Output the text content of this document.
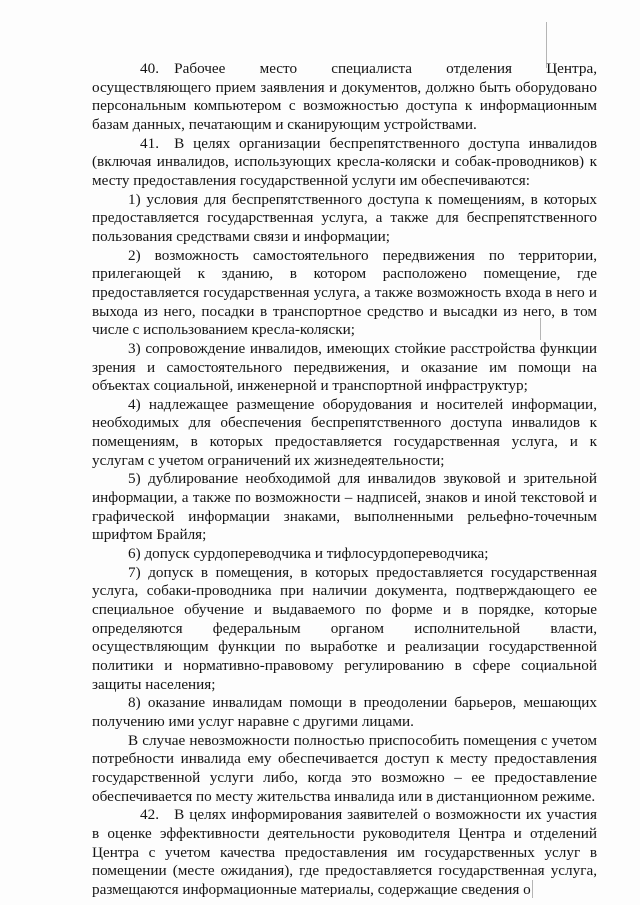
40. Рабочее место специалиста отделения Центра, осуществляющего прием заявления и документов, должно быть оборудовано персональным компьютером с возможностью доступа к информационным базам данных, печатающим и сканирующим устройствами.

41. В целях организации беспрепятственного доступа инвалидов (включая инвалидов, использующих кресла-коляски и собак-проводников) к месту предоставления государственной услуги им обеспечиваются:

1) условия для беспрепятственного доступа к помещениям, в которых предоставляется государственная услуга, а также для беспрепятственного пользования средствами связи и информации;

2) возможность самостоятельного передвижения по территории, прилегающей к зданию, в котором расположено помещение, где предоставляется государственная услуга, а также возможность входа в него и выхода из него, посадки в транспортное средство и высадки из него, в том числе с использованием кресла-коляски;

3) сопровождение инвалидов, имеющих стойкие расстройства функции зрения и самостоятельного передвижения, и оказание им помощи на объектах социальной, инженерной и транспортной инфраструктур;

4) надлежащее размещение оборудования и носителей информации, необходимых для обеспечения беспрепятственного доступа инвалидов к помещениям, в которых предоставляется государственная услуга, и к услугам с учетом ограничений их жизнедеятельности;

5) дублирование необходимой для инвалидов звуковой и зрительной информации, а также по возможности – надписей, знаков и иной текстовой и графической информации знаками, выполненными рельефно-точечным шрифтом Брайля;

6) допуск сурдопереводчика и тифлосурдопереводчика;

7) допуск в помещения, в которых предоставляется государственная услуга, собаки-проводника при наличии документа, подтверждающего ее специальное обучение и выдаваемого по форме и в порядке, которые определяются федеральным органом исполнительной власти, осуществляющим функции по выработке и реализации государственной политики и нормативно-правовому регулированию в сфере социальной защиты населения;

8) оказание инвалидам помощи в преодолении барьеров, мешающих получению ими услуг наравне с другими лицами.

В случае невозможности полностью приспособить помещения с учетом потребности инвалида ему обеспечивается доступ к месту предоставления государственной услуги либо, когда это возможно – ее предоставление обеспечивается по месту жительства инвалида или в дистанционном режиме.

42. В целях информирования заявителей о возможности их участия в оценке эффективности деятельности руководителя Центра и отделений Центра с учетом качества предоставления им государственных услуг в помещении (месте ожидания), где предоставляется государственная услуга, размещаются информационные материалы, содержащие сведения о
